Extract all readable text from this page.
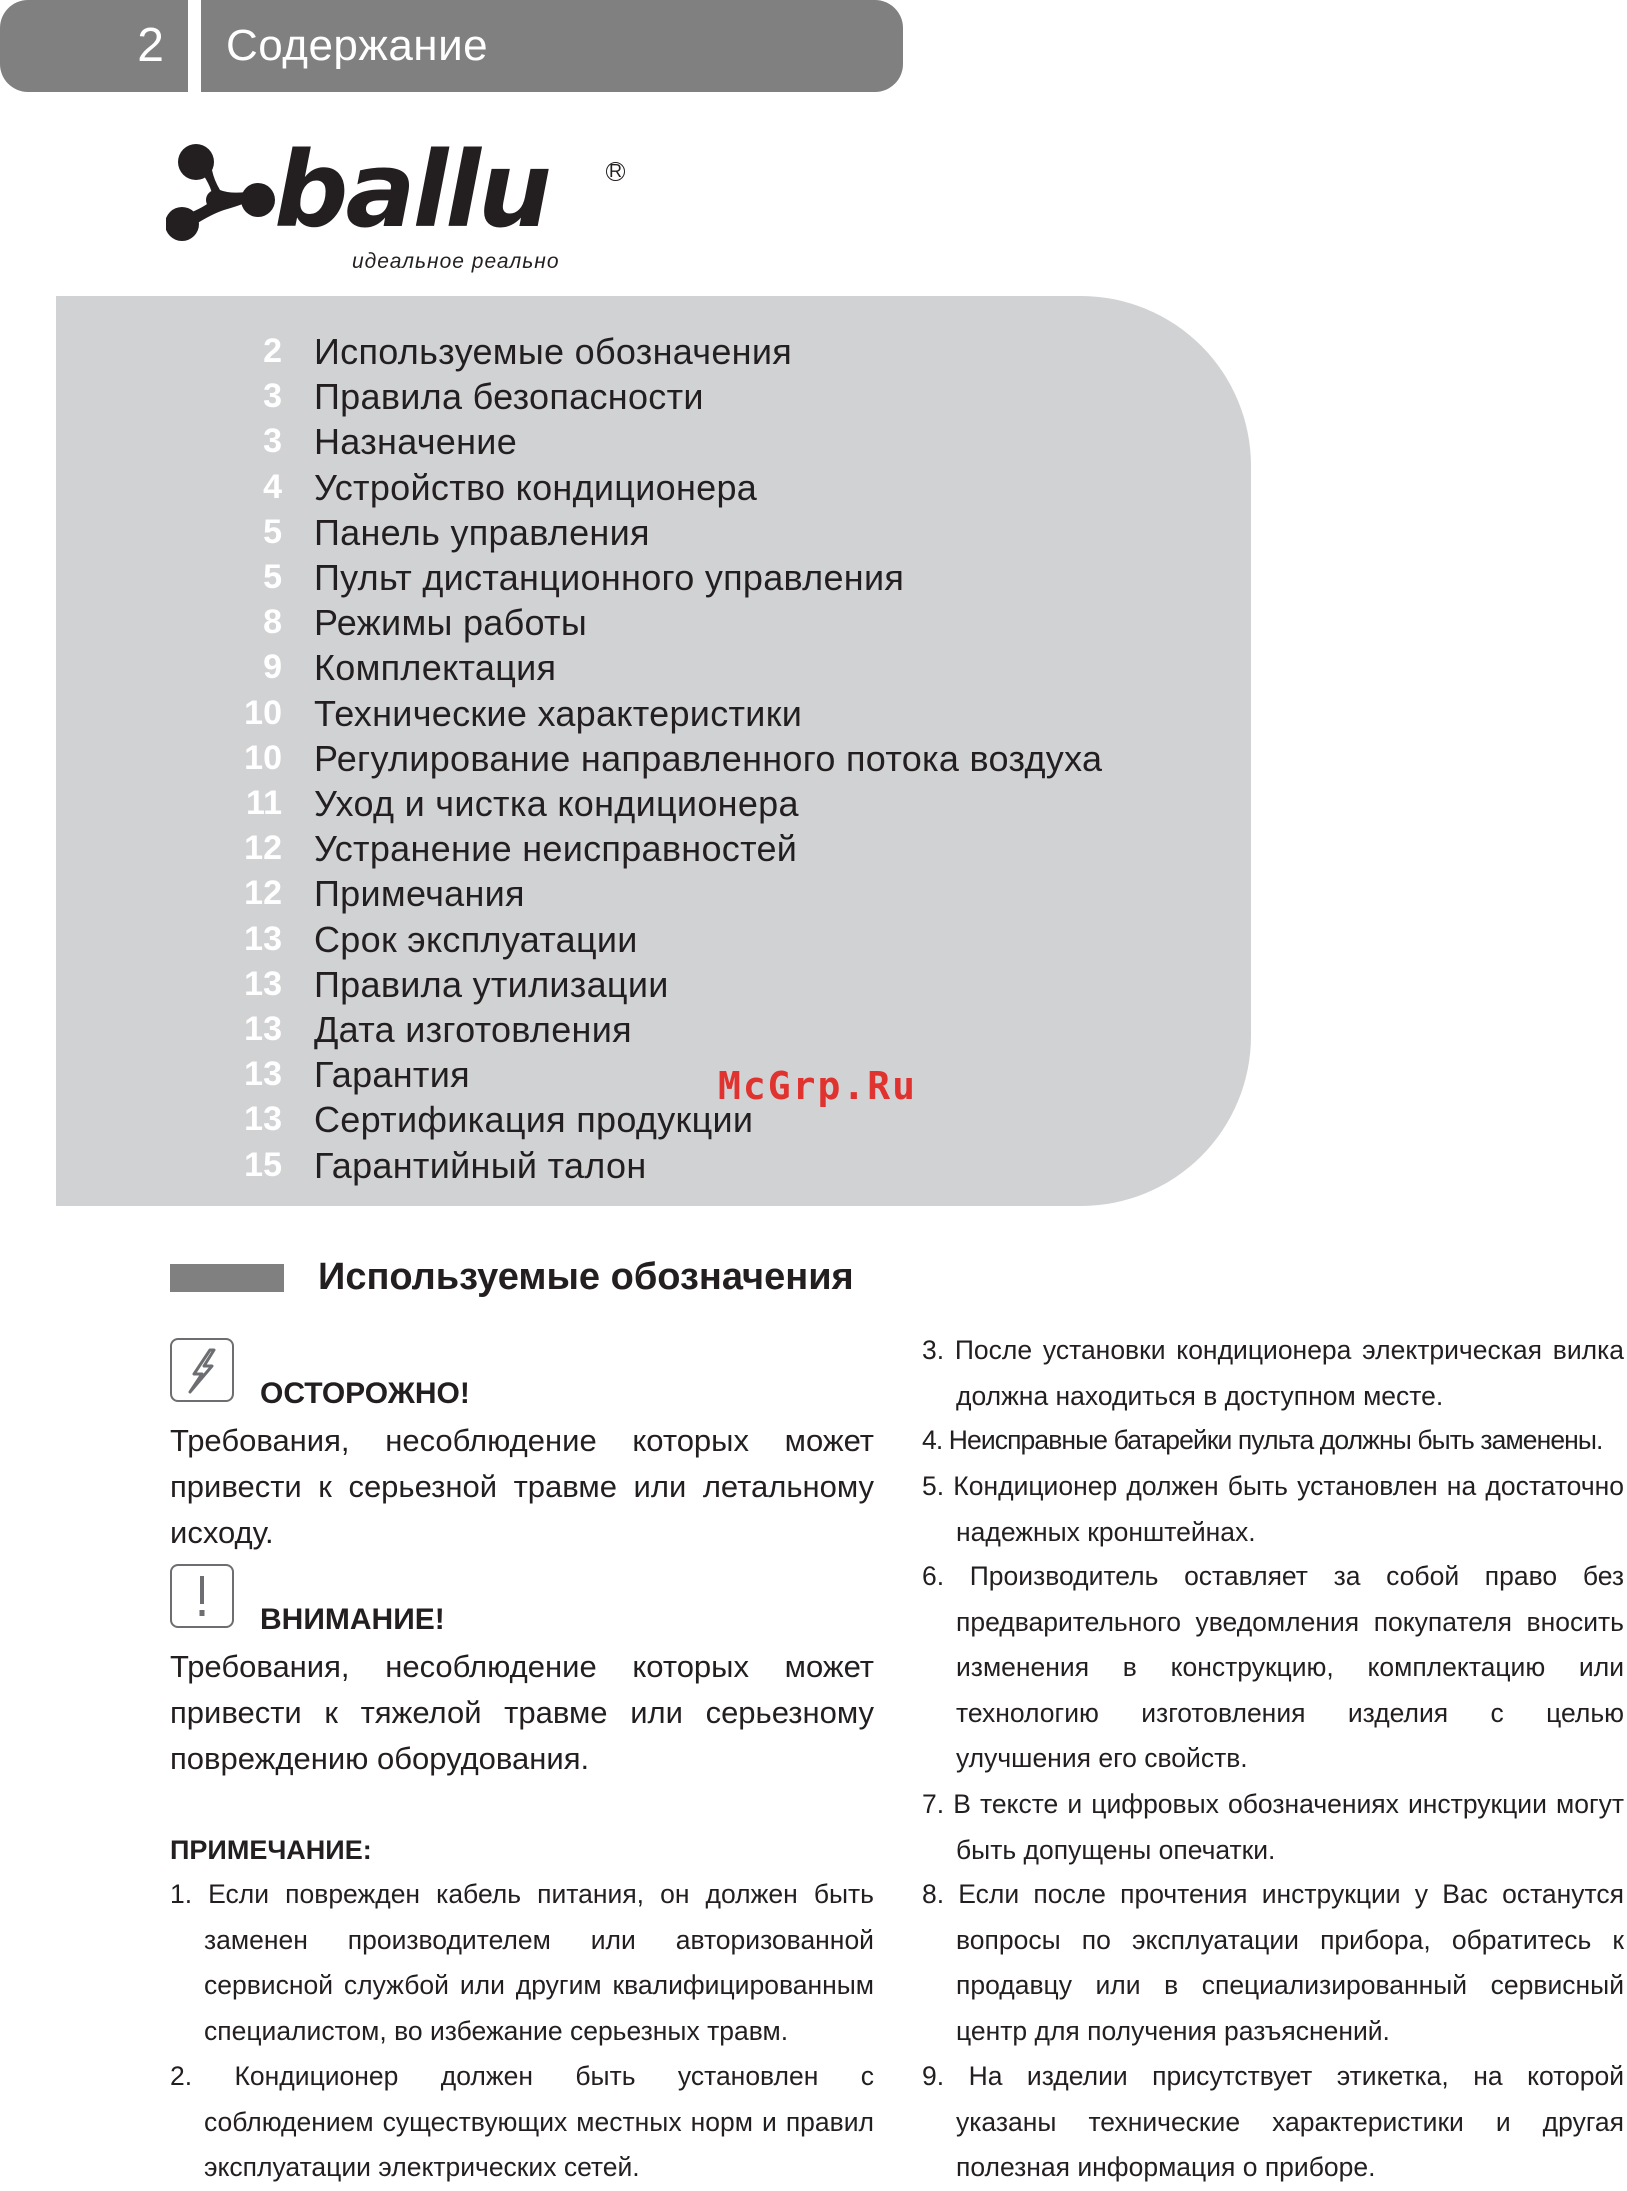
2	Содержание
ballu	R
идеальное реально
2 Используемые обозначения
3 Правила безопасности
3 Назначение
4 Устройство кондиционера
5 Панель управления
5 Пульт дистанционного управления
8 Режимы работы
9 Комплектация
10 Технические характеристики
10 Регулирование направленного потока воздуха
11 Уход и чистка кондиционера
12 Устранение неисправностей
12 Примечания
13 Срок эксплуатации
13 Правила утилизации
13 Дата изготовления
13 Гарантия
13 Сертификация продукции
15 Гарантийный талон
McGrp.Ru
Используемые обозначения
ОСТОРОЖНО!
Требования, несоблюдение которых может привести к серьезной травме или летальному исходу.
ВНИМАНИЕ!
Требования, несоблюдение которых может привести к тяжелой травме или серьезному повреждению оборудования.
ПРИМЕЧАНИЕ:
1. Если поврежден кабель питания, он должен быть заменен производителем или авторизованной сервисной службой или другим квалифицированным специалистом, во избежание серьезных травм.
2. Кондиционер должен быть установлен с соблюдением существующих местных норм и правил эксплуатации электрических сетей.
3. После установки кондиционера электрическая вилка должна находиться в доступном месте.
4. Неисправные батарейки пульта должны быть заменены.
5. Кондиционер должен быть установлен на достаточно надежных кронштейнах.
6. Производитель оставляет за собой право без предварительного уведомления покупателя вносить изменения в конструкцию, комплектацию или технологию изготовления изделия с целью улучшения его свойств.
7. В тексте и цифровых обозначениях инструкции могут быть допущены опечатки.
8. Если после прочтения инструкции у Вас останутся вопросы по эксплуатации прибора, обратитесь к продавцу или в специализированный сервисный центр для получения разъяснений.
9. На изделии присутствует этикетка, на которой указаны технические характеристики и другая полезная информация о приборе.
